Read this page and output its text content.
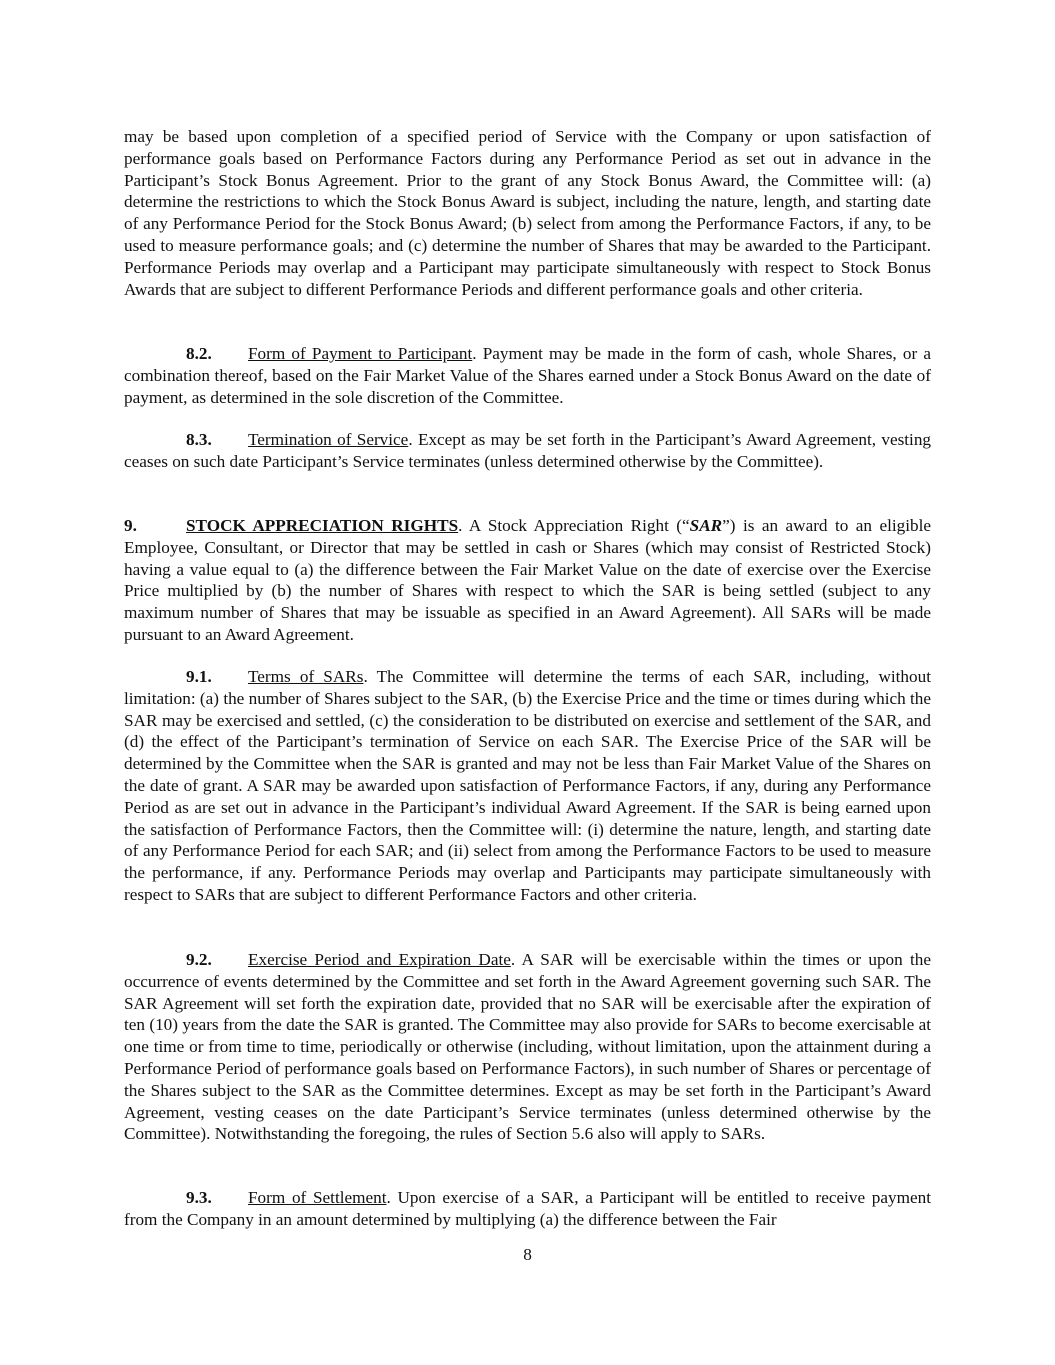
may be based upon completion of a specified period of Service with the Company or upon satisfaction of performance goals based on Performance Factors during any Performance Period as set out in advance in the Participant’s Stock Bonus Agreement. Prior to the grant of any Stock Bonus Award, the Committee will: (a) determine the restrictions to which the Stock Bonus Award is subject, including the nature, length, and starting date of any Performance Period for the Stock Bonus Award; (b) select from among the Performance Factors, if any, to be used to measure performance goals; and (c) determine the number of Shares that may be awarded to the Participant. Performance Periods may overlap and a Participant may participate simultaneously with respect to Stock Bonus Awards that are subject to different Performance Periods and different performance goals and other criteria.

8.2. Form of Payment to Participant. Payment may be made in the form of cash, whole Shares, or a combination thereof, based on the Fair Market Value of the Shares earned under a Stock Bonus Award on the date of payment, as determined in the sole discretion of the Committee.

8.3. Termination of Service. Except as may be set forth in the Participant’s Award Agreement, vesting ceases on such date Participant’s Service terminates (unless determined otherwise by the Committee).

9.	STOCK APPRECIATION RIGHTS. A Stock Appreciation Right (“SAR”) is an award to an eligible Employee, Consultant, or Director that may be settled in cash or Shares (which may consist of Restricted Stock) having a value equal to (a) the difference between the Fair Market Value on the date of exercise over the Exercise Price multiplied by (b) the number of Shares with respect to which the SAR is being settled (subject to any maximum number of Shares that may be issuable as specified in an Award Agreement). All SARs will be made pursuant to an Award Agreement.

9.1. Terms of SARs. The Committee will determine the terms of each SAR, including, without limitation: (a) the number of Shares subject to the SAR, (b) the Exercise Price and the time or times during which the SAR may be exercised and settled, (c) the consideration to be distributed on exercise and settlement of the SAR, and (d) the effect of the Participant’s termination of Service on each SAR. The Exercise Price of the SAR will be determined by the Committee when the SAR is granted and may not be less than Fair Market Value of the Shares on the date of grant. A SAR may be awarded upon satisfaction of Performance Factors, if any, during any Performance Period as are set out in advance in the Participant’s individual Award Agreement. If the SAR is being earned upon the satisfaction of Performance Factors, then the Committee will: (i) determine the nature, length, and starting date of any Performance Period for each SAR; and (ii) select from among the Performance Factors to be used to measure the performance, if any. Performance Periods may overlap and Participants may participate simultaneously with respect to SARs that are subject to different Performance Factors and other criteria.

9.2. Exercise Period and Expiration Date. A SAR will be exercisable within the times or upon the occurrence of events determined by the Committee and set forth in the Award Agreement governing such SAR. The SAR Agreement will set forth the expiration date, provided that no SAR will be exercisable after the expiration of ten (10) years from the date the SAR is granted. The Committee may also provide for SARs to become exercisable at one time or from time to time, periodically or otherwise (including, without limitation, upon the attainment during a Performance Period of performance goals based on Performance Factors), in such number of Shares or percentage of the Shares subject to the SAR as the Committee determines. Except as may be set forth in the Participant’s Award Agreement, vesting ceases on the date Participant’s Service terminates (unless determined otherwise by the Committee). Notwithstanding the foregoing, the rules of Section 5.6 also will apply to SARs.

9.3. Form of Settlement. Upon exercise of a SAR, a Participant will be entitled to receive payment from the Company in an amount determined by multiplying (a) the difference between the Fair

8
